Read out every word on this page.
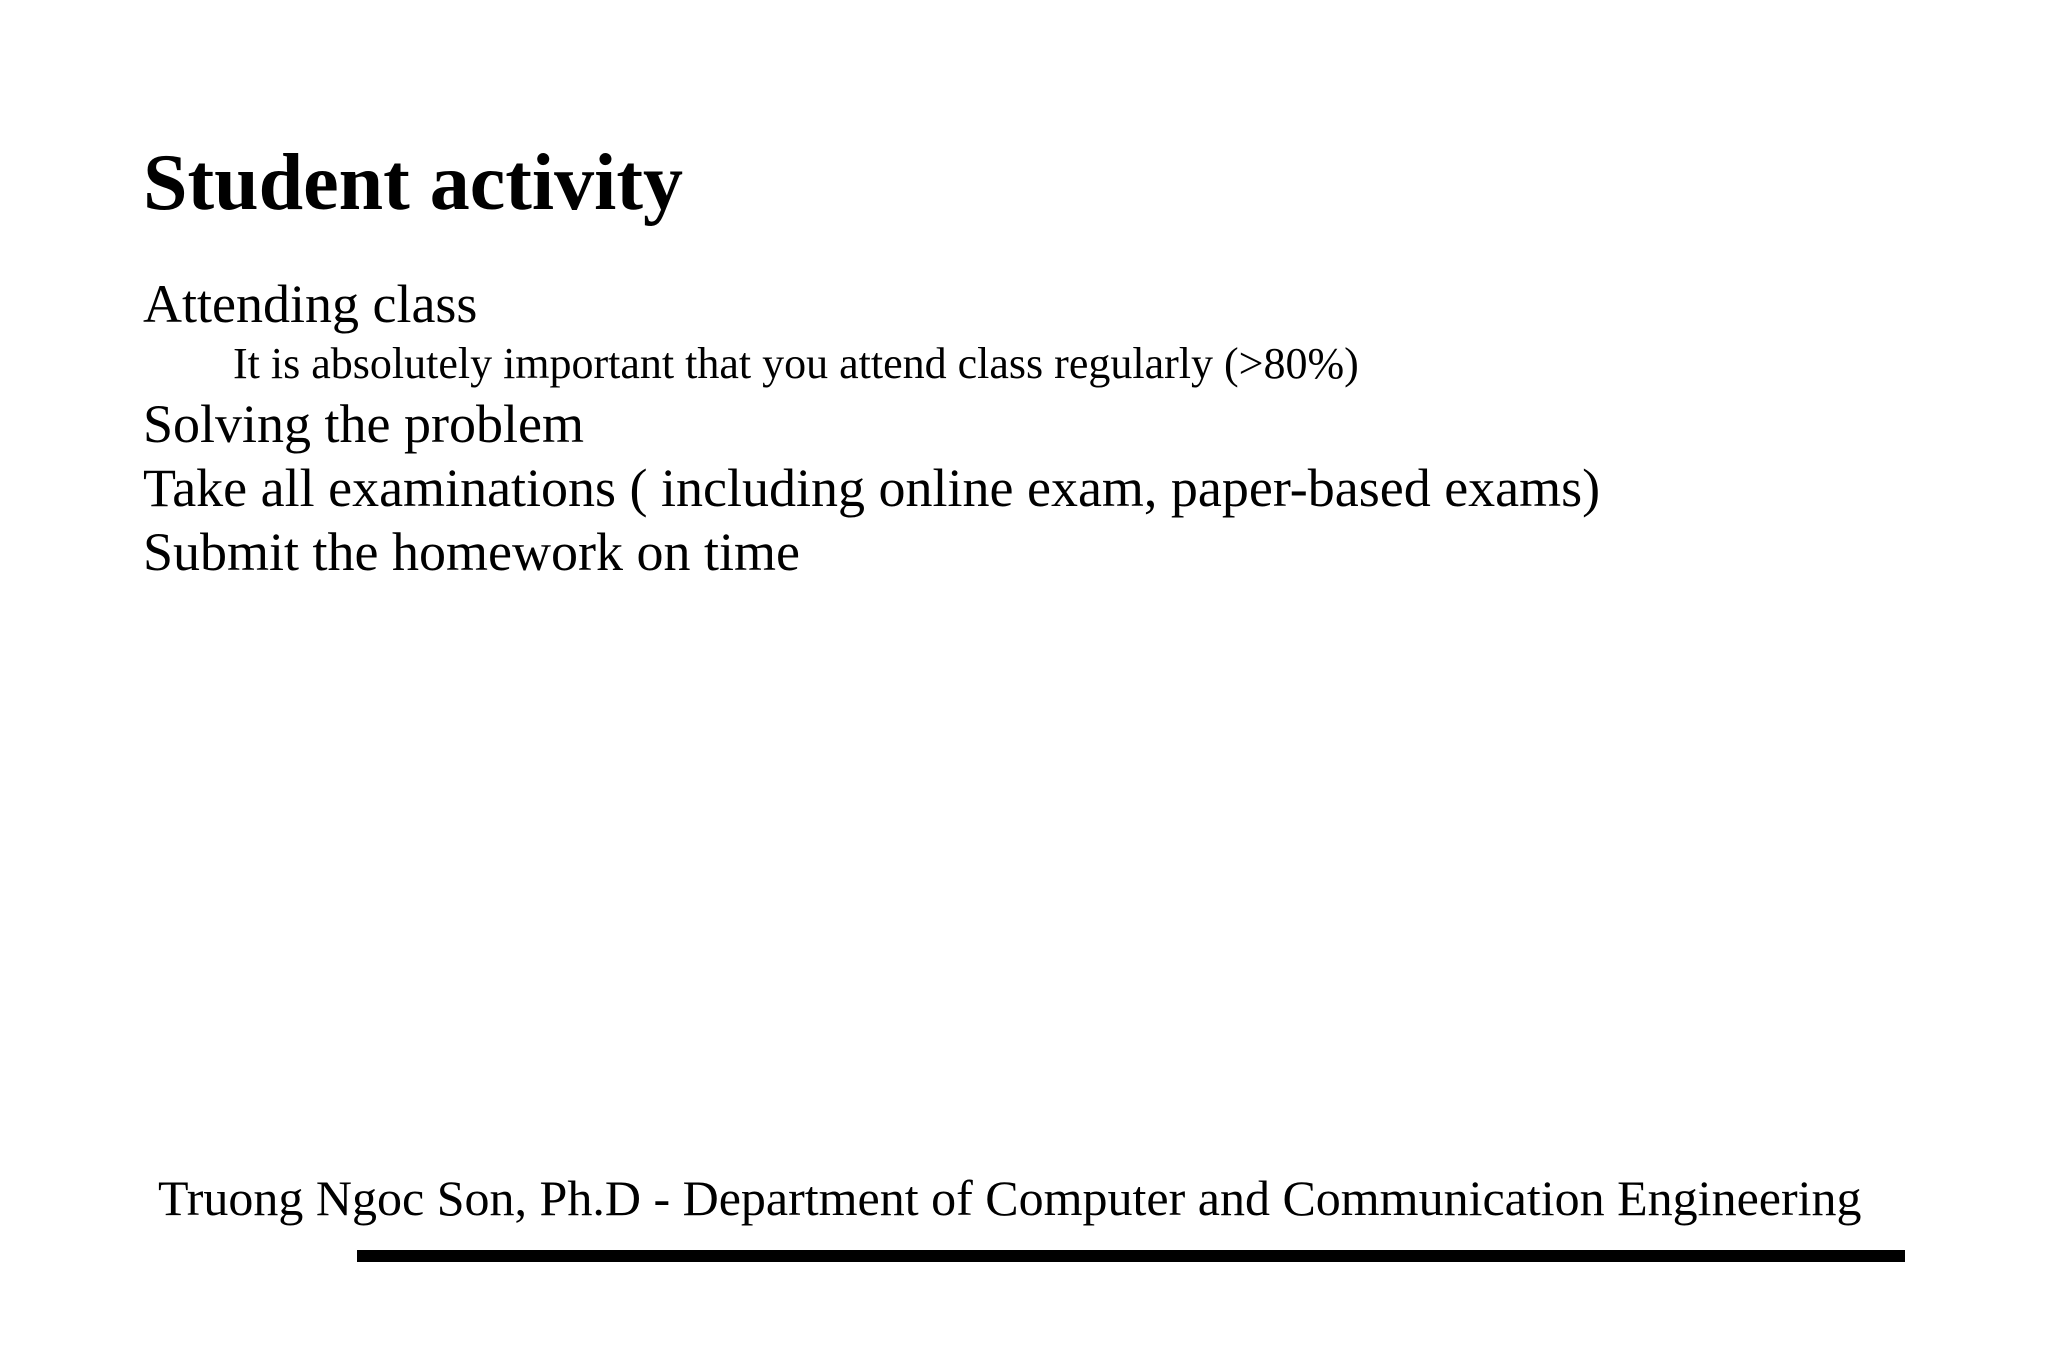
Student activity
Attending class
It is absolutely important that you attend class regularly (>80%)
Solving the problem
Take all examinations ( including online exam, paper-based exams)
Submit the homework on time
Truong Ngoc Son, Ph.D - Department of Computer and Communication Engineering
